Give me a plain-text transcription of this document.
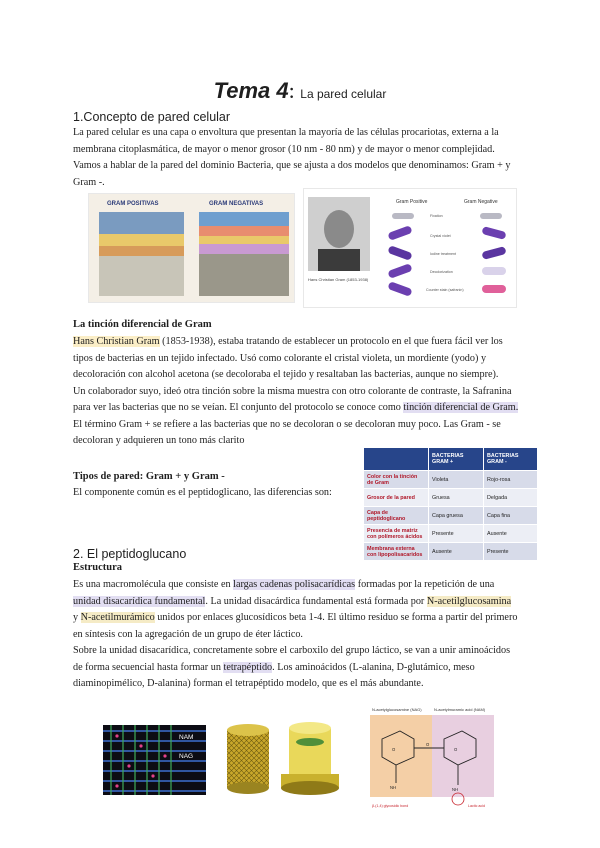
Tema 4: La pared celular
1.Concepto de pared celular
La pared celular es una capa o envoltura que presentan la mayoría de las células procariotas, externa a la
membrana citoplasmática, de mayor o menor grosor (10 nm - 80 nm) y de mayor o menor complejidad.
Vamos a hablar de la pared del dominio Bacteria, que se ajusta a dos modelos que denominamos: Gram + y
Gram -.
GRAM POSITIVAS	GRAM NEGATIVAS
Hans Christian Gram (1853-1938)
Gram Positive	Gram Negative
Fixation
Crystal violet
Iodine treatment
Decolorization
Counter stain (safranin)
La tinción diferencial de Gram
Hans Christian Gram (1853-1938), estaba tratando de establecer un protocolo en el que fuera fácil ver los
tipos de bacterias en un tejido infectado. Usó como colorante el cristal violeta, un mordiente (yodo) y
decoloración con alcohol acetona (se decoloraba el tejido y resaltaban las bacterias, aunque no siempre).
Un colaborador suyo, ideó otra tinción sobre la misma muestra con otro colorante de contraste, la Safranina
para ver las bacterias que no se veían. El conjunto del protocolo se conoce como tinción diferencial de Gram.
El término Gram + se refiere a las bacterias que no se decoloran o se decoloran muy poco. Las Gram - se
decoloran y adquieren un tono más clarito
Tipos de pared: Gram + y Gram -
El componente común es el peptidoglicano, las diferencias son:
	BACTERIAS GRAM +	BACTERIAS GRAM -
Color con la tinción de Gram	Violeta	Rojo-rosa
Grosor de la pared	Gruesa	Delgada
Capa de peptidoglicano	Capa gruesa	Capa fina
Presencia de matriz con polímeros ácidos	Presente	Ausente
Membrana externa con lipopolisacaridos	Ausente	Presente
2. El peptidoglucano
Estructura
Es una macromolécula que consiste en largas cadenas polisacarídicas formadas por la repetición de una
unidad disacarídica fundamental. La unidad disacárdica fundamental está formada por N-acetilglucosamina
y N-acetilmurámico unidos por enlaces glucosídicos beta 1-4. El último residuo se forma a partir del primero
en síntesis con la agregación de un grupo de éter láctico.
Sobre la unidad disacarídica, concretamente sobre el carboxilo del grupo láctico, se van a unir aminoácidos
de forma secuencial hasta formar un tetrapéptido. Los aminoácidos (L-alanina, D-glutámico, meso
diaminopimélico, D-alanina) forman el tetrapéptido modelo, que es el más abundante.
NAM
NAG
N-acetylglucosamine (NAG)	N-acetylmuramic acid (NAM)
O	O
O
NH	NH
β-(1,4) glycosidic bond	Lactic acid
